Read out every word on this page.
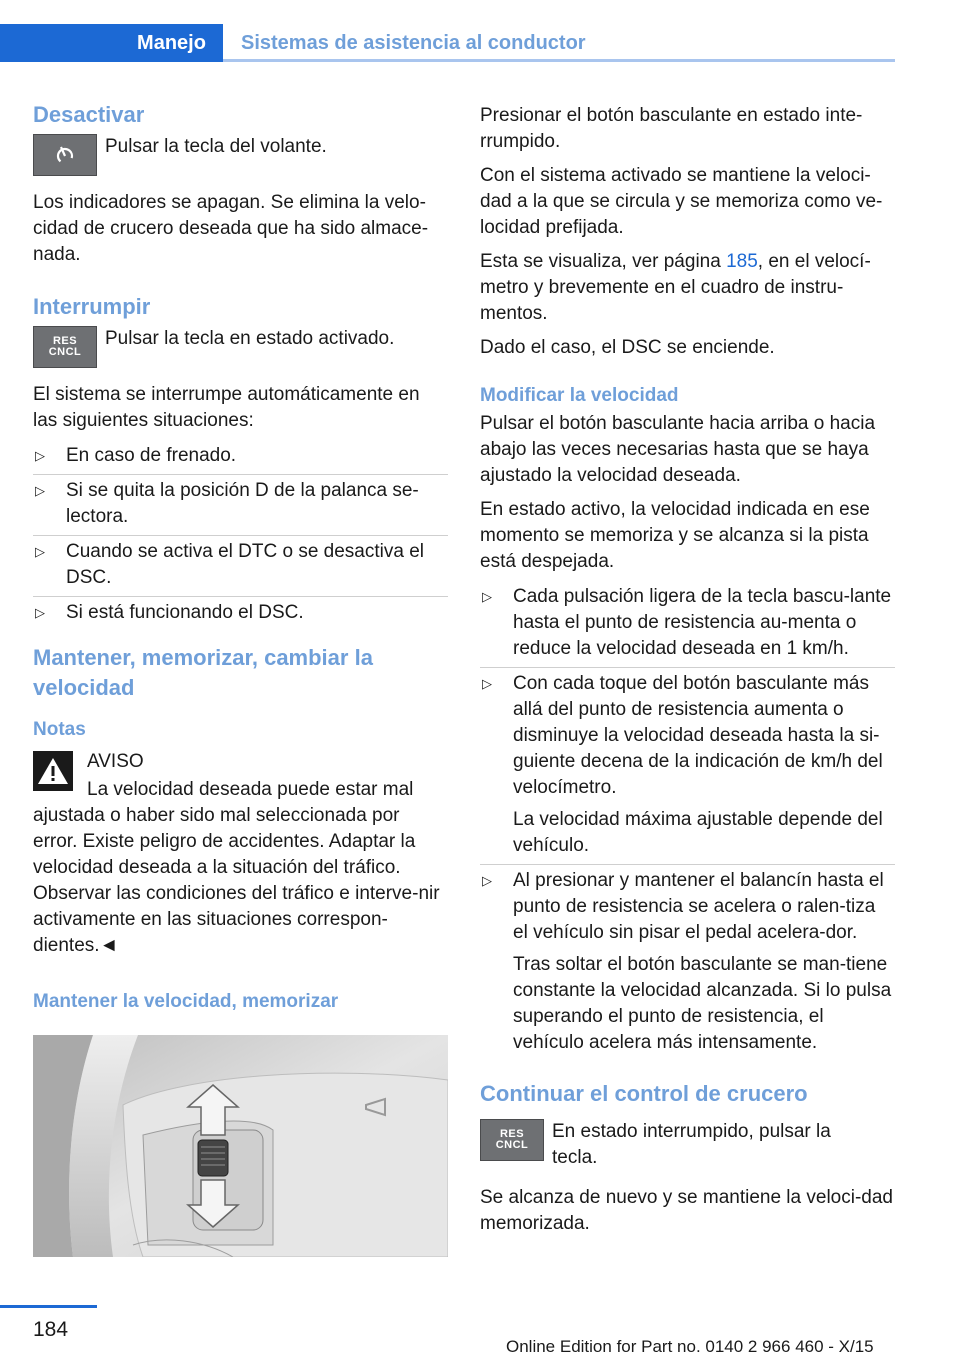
Manejo	Sistemas de asistencia al conductor
Desactivar
Pulsar la tecla del volante.

Los indicadores se apagan. Se elimina la velo‐cidad de crucero deseada que ha sido almace‐nada.

Interrumpir
RES
CNCL
Pulsar la tecla en estado activado.

El sistema se interrumpe automáticamente en las siguientes situaciones:

▷ En caso de frenado.
▷ Si se quita la posición D de la palanca se‐lectora.
▷ Cuando se activa el DTC o se desactiva el DSC.
▷ Si está funcionando el DSC.
Mantener, memorizar, cambiar la velocidad
Notas
AVISO

La velocidad deseada puede estar mal ajustada o haber sido mal seleccionada por error. Existe peligro de accidentes. Adaptar la velocidad deseada a la situación del tráfico. Observar las condiciones del tráfico e interve‐nir activamente en las situaciones correspon‐dientes.◄

Mantener la velocidad, memorizar

Presionar el botón basculante en estado inte‐rrumpido.

Con el sistema activado se mantiene la veloci‐dad a la que se circula y se memoriza como ve‐locidad prefijada.

Esta se visualiza, ver página 185, en el velocí‐metro y brevemente en el cuadro de instru‐mentos.

Dado el caso, el DSC se enciende.

Modificar la velocidad

Pulsar el botón basculante hacia arriba o hacia abajo las veces necesarias hasta que se haya ajustado la velocidad deseada.

En estado activo, la velocidad indicada en ese momento se memoriza y se alcanza si la pista está despejada.

▷ Cada pulsación ligera de la tecla bascu‐lante hasta el punto de resistencia au‐menta o reduce la velocidad deseada en 1 km/h.
▷ Con cada toque del botón basculante más allá del punto de resistencia aumenta o disminuye la velocidad deseada hasta la si‐guiente decena de la indicación de km/h del velocímetro.
La velocidad máxima ajustable depende del vehículo.
▷ Al presionar y mantener el balancín hasta el punto de resistencia se acelera o ralen‐tiza el vehículo sin pisar el pedal acelera‐dor.
Tras soltar el botón basculante se man‐tiene constante la velocidad alcanzada. Si lo pulsa superando el punto de resistencia, el vehículo acelera más intensamente.
Continuar el control de crucero
RES
CNCL
En estado interrumpido, pulsar la tecla.

Se alcanza de nuevo y se mantiene la veloci‐dad memorizada.

184
Online Edition for Part no. 0140 2 966 460 - X/15
